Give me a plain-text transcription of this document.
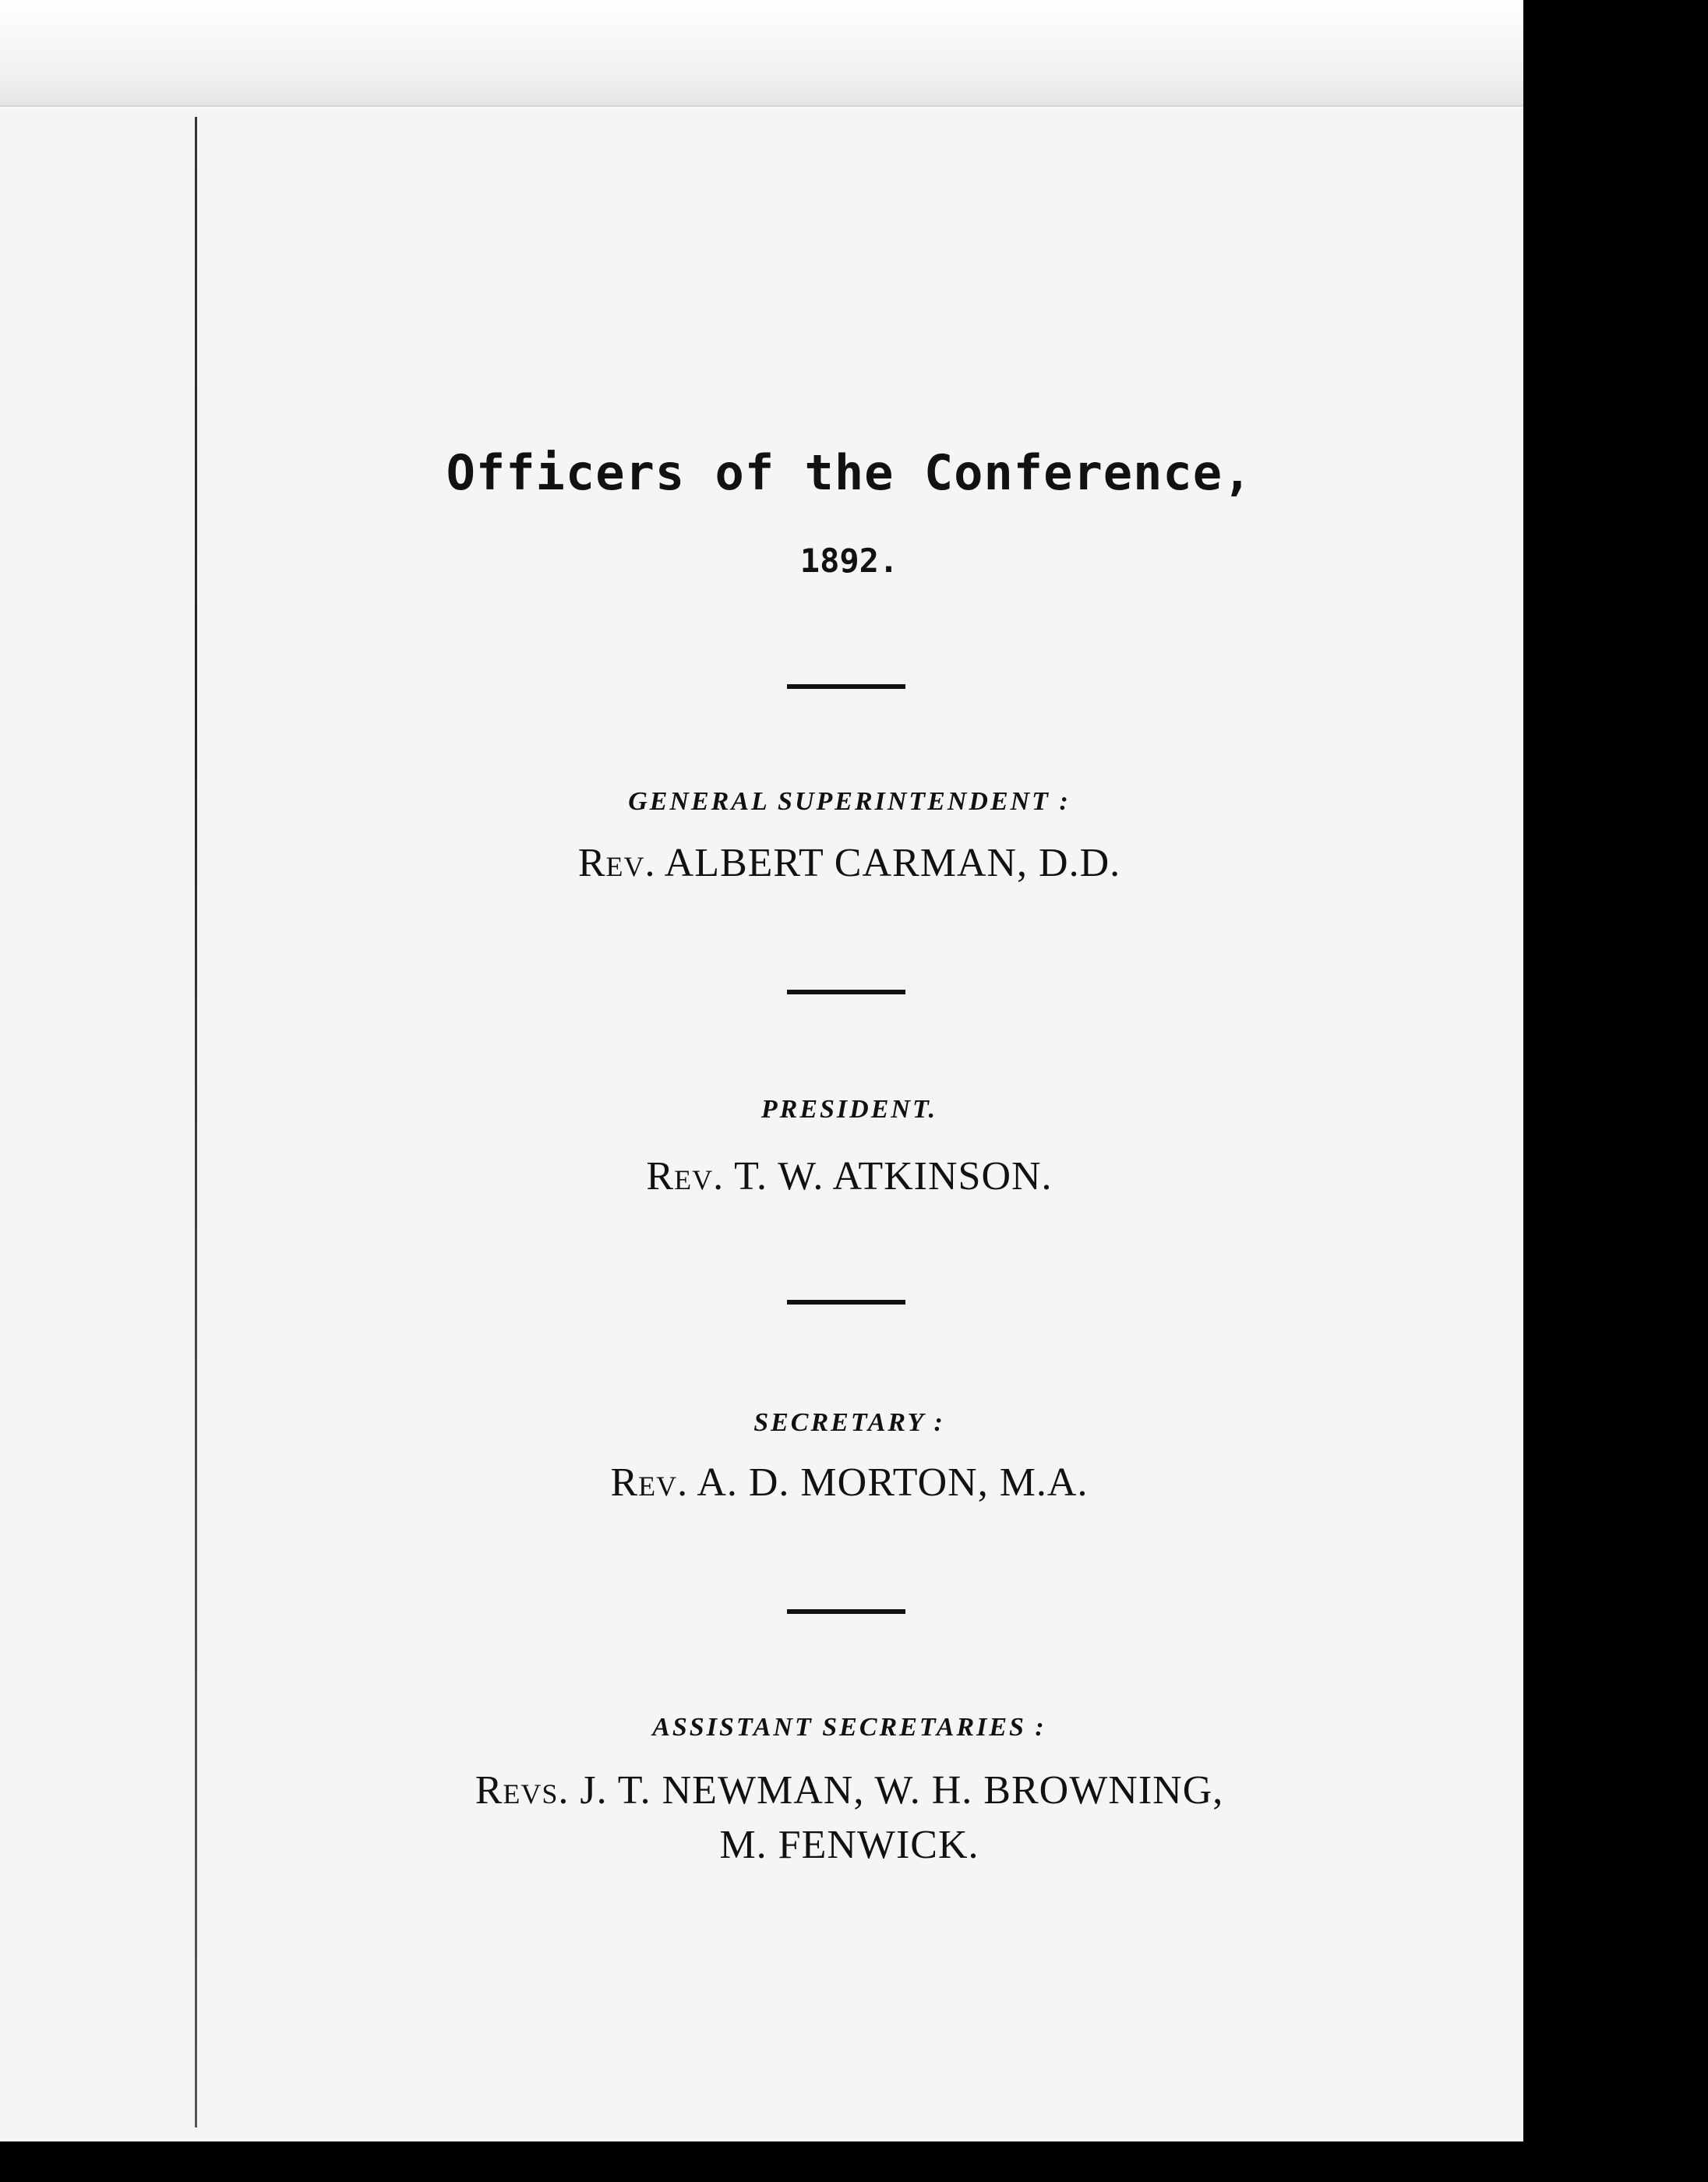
Officers of the Conference,
1892.
GENERAL SUPERINTENDENT :
Rev. ALBERT CARMAN, D.D.
PRESIDENT.
Rev. T. W. ATKINSON.
SECRETARY :
Rev. A. D. MORTON, M.A.
ASSISTANT SECRETARIES :
Revs. J. T. NEWMAN, W. H. BROWNING,
M. FENWICK.
